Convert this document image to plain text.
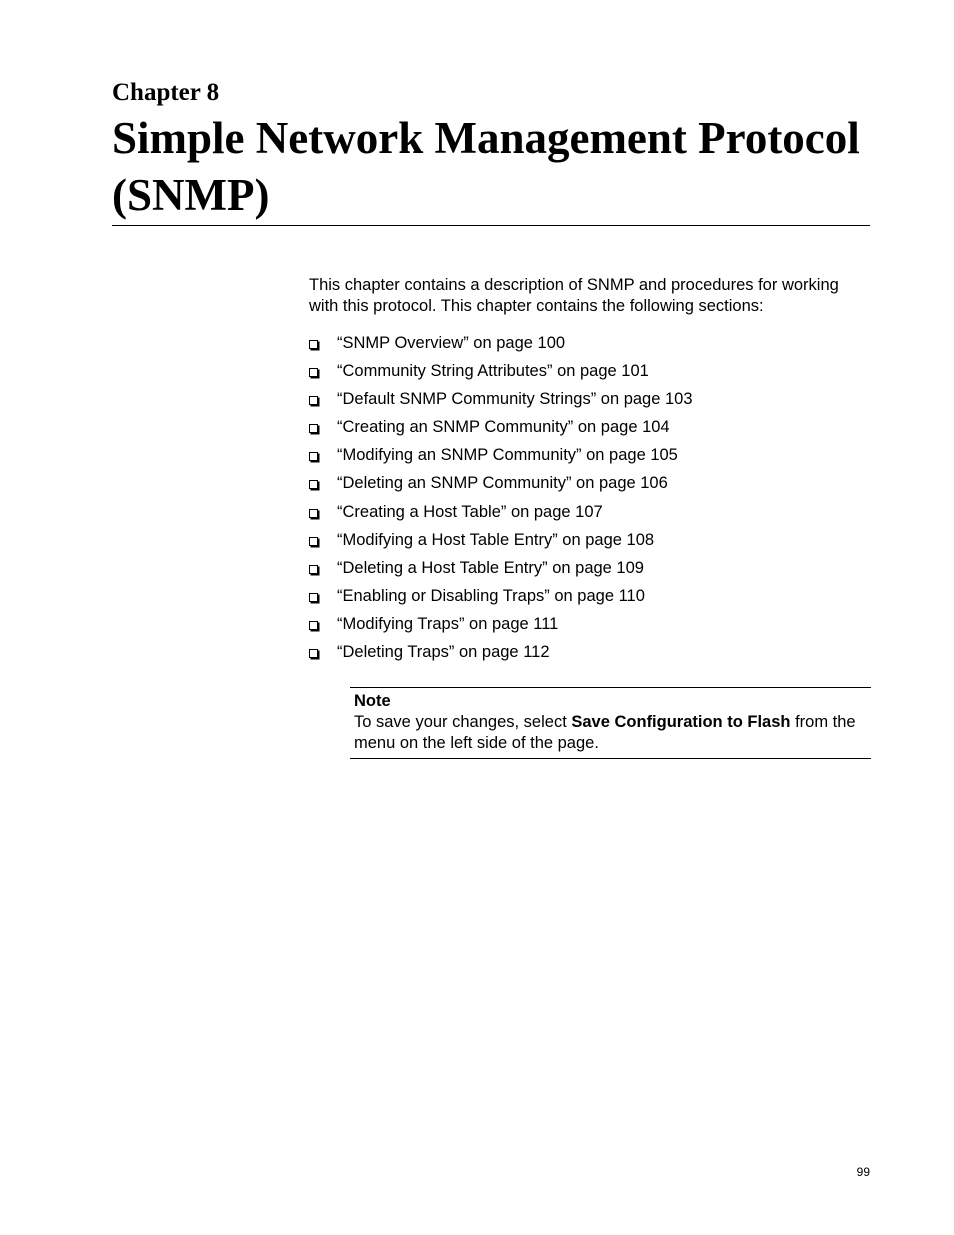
Chapter 8
Simple Network Management Protocol (SNMP)

This chapter contains a description of SNMP and procedures for working with this protocol. This chapter contains the following sections:

“SNMP Overview” on page 100
“Community String Attributes” on page 101
“Default SNMP Community Strings” on page 103
“Creating an SNMP Community” on page 104
“Modifying an SNMP Community” on page 105
“Deleting an SNMP Community” on page 106
“Creating a Host Table” on page 107
“Modifying a Host Table Entry” on page 108
“Deleting a Host Table Entry” on page 109
“Enabling or Disabling Traps” on page 110
“Modifying Traps” on page 111
“Deleting Traps” on page 112

Note

To save your changes, select Save Configuration to Flash from the menu on the left side of the page.

99
